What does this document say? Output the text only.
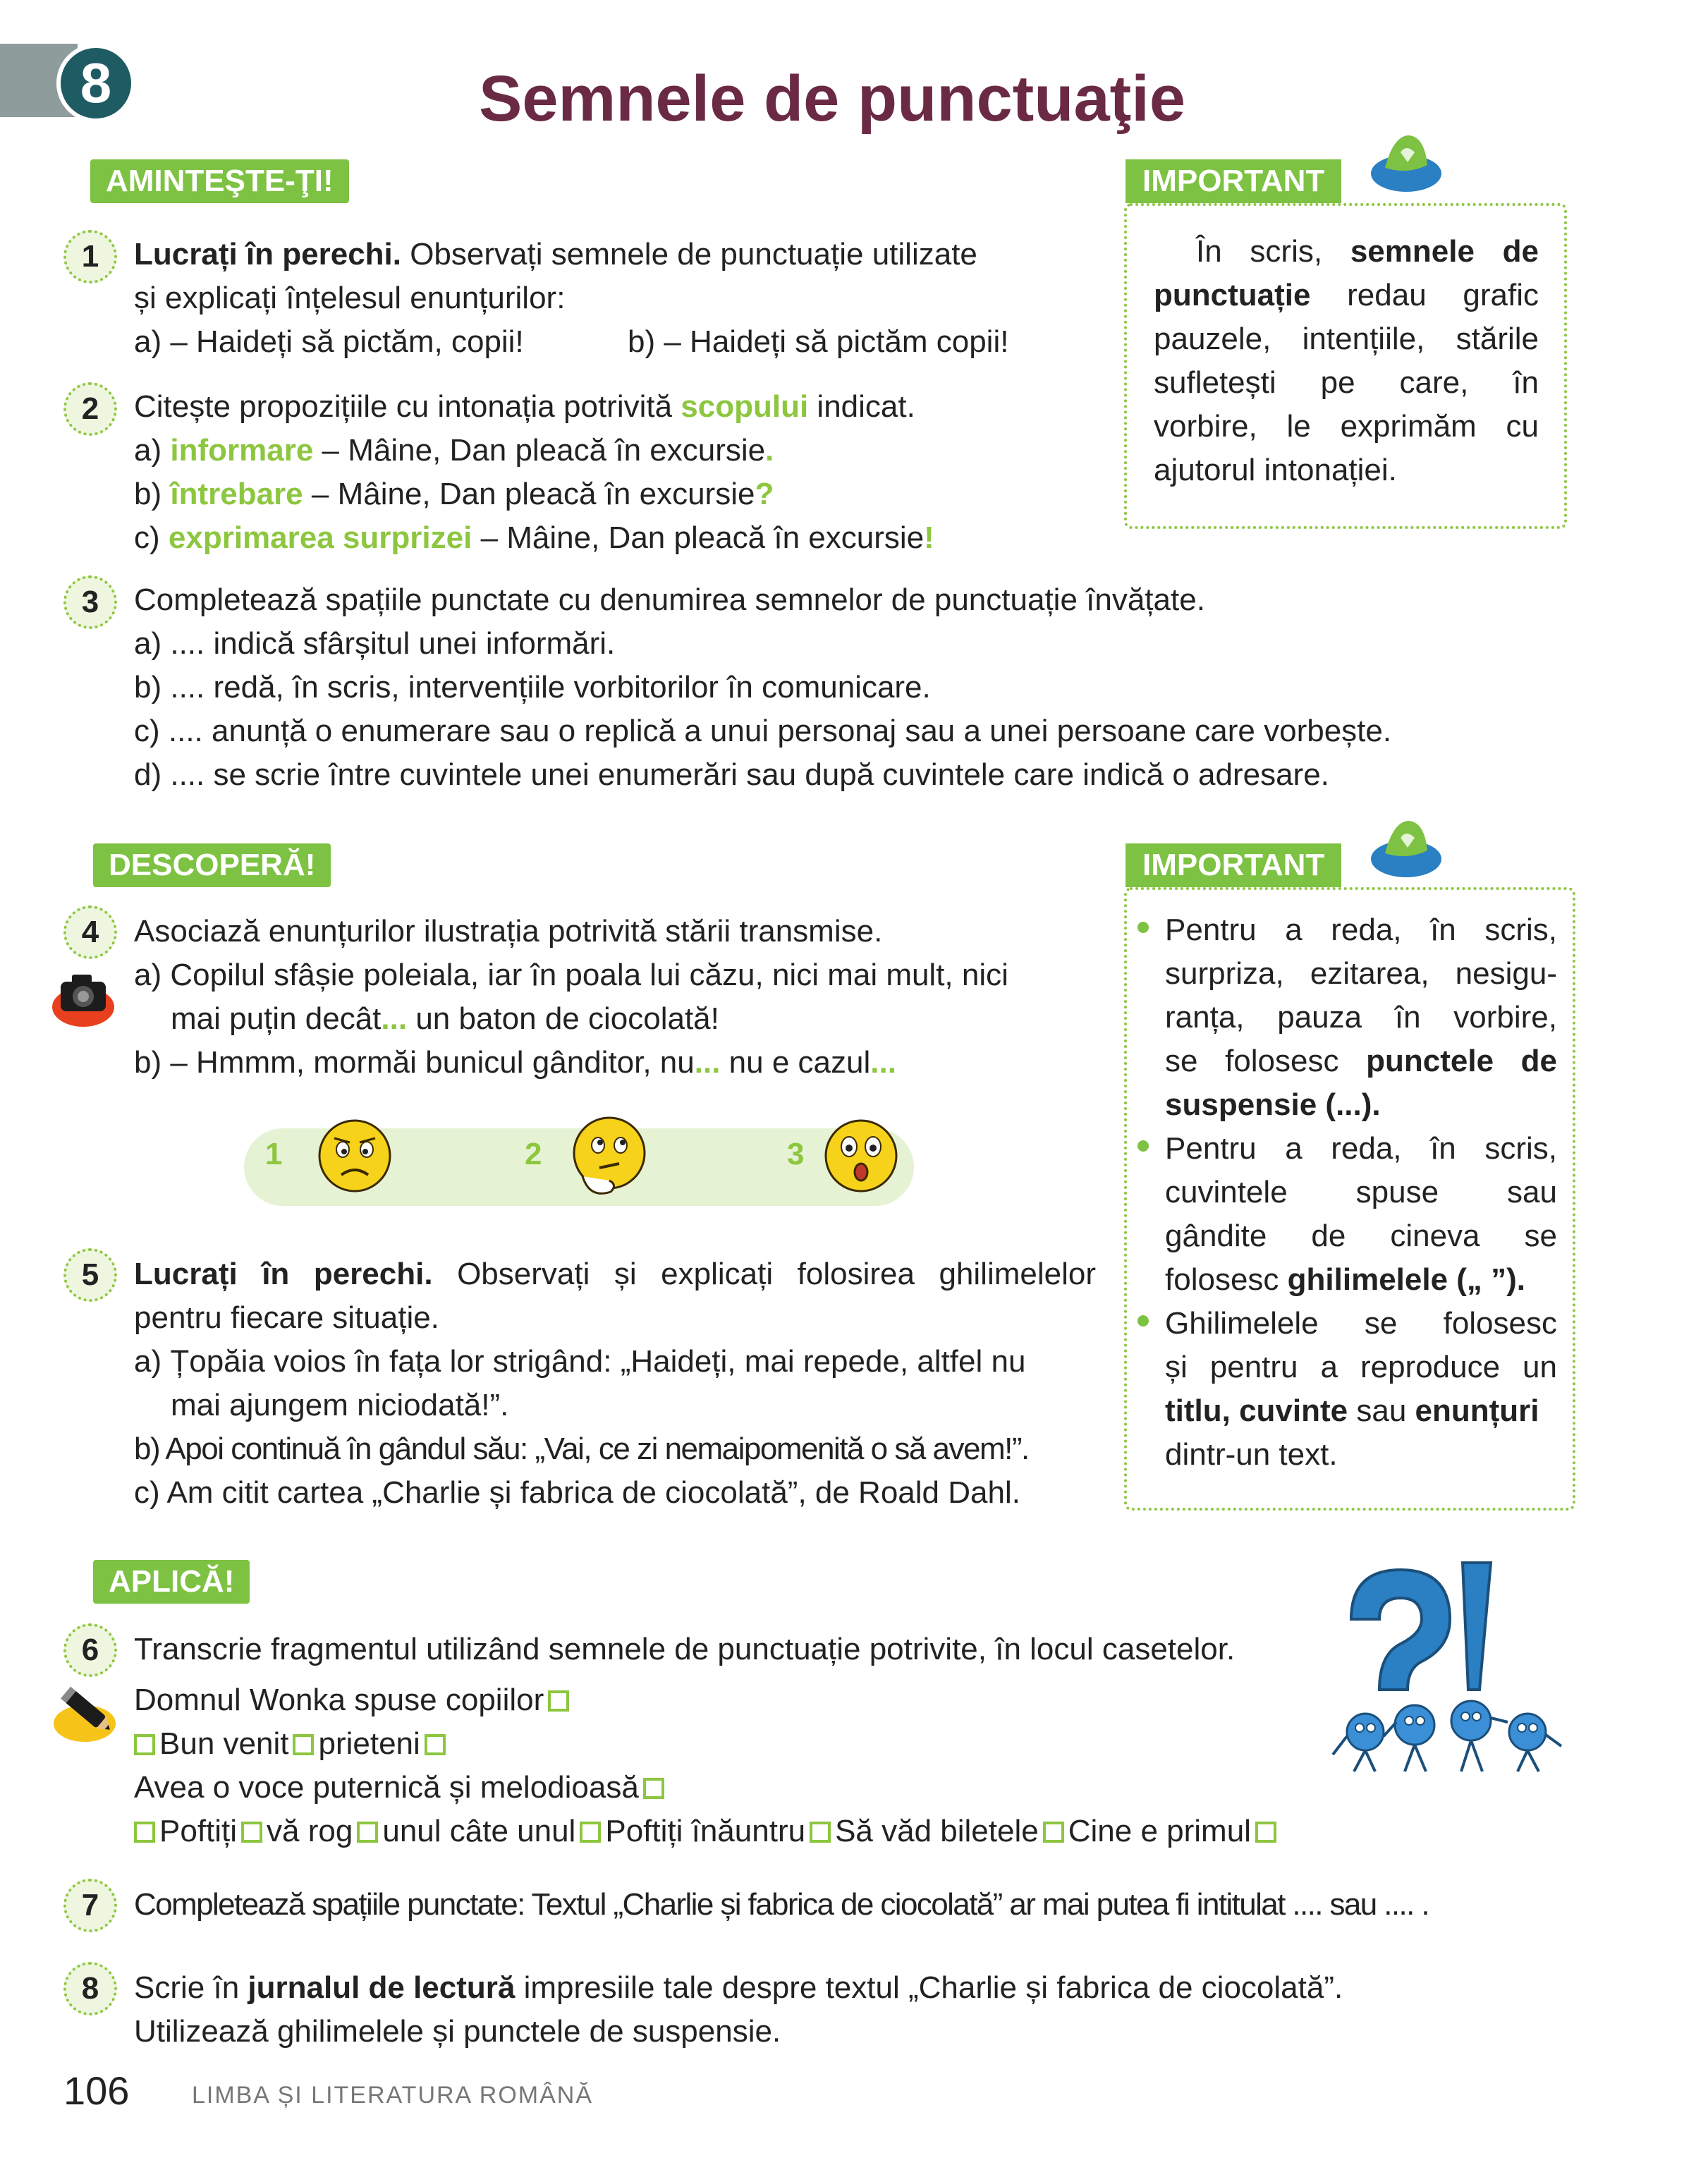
8	Semnele de punctuaţie
AMINTEŞTE-ŢI!
1	Lucrați în perechi. Observați semnele de punctuație utilizate
și explicați înțelesul enunțurilor:
a) – Haideți să pictăm, copii!	b) – Haideți să pictăm copii!
2	Citește propozițiile cu intonația potrivită scopului indicat.
a) informare – Mâine, Dan pleacă în excursie.
b) întrebare – Mâine, Dan pleacă în excursie?
c) exprimarea surprizei – Mâine, Dan pleacă în excursie!
IMPORTANT
În scris, semnele de
punctuație redau grafic
pauzele, intențiile, stările
sufletești pe care, în
vorbire, le exprimăm cu
ajutorul intonației.
3	Completează spațiile punctate cu denumirea semnelor de punctuație învățate.
a) .... indică sfârșitul unei informări.
b) .... redă, în scris, intervențiile vorbitorilor în comunicare.
c) .... anunță o enumerare sau o replică a unui personaj sau a unei persoane care vorbește.
d) .... se scrie între cuvintele unei enumerări sau după cuvintele care indică o adresare.
DESCOPERĂ!
4	Asociază enunțurilor ilustrația potrivită stării transmise.
a) Copilul sfâșie poleiala, iar în poala lui căzu, nici mai mult, nici
mai puțin decât... un baton de ciocolată!
b) – Hmmm, mormăi bunicul gânditor, nu... nu e cazul...
1	2	3
IMPORTANT
Pentru a reda, în scris,
surpriza, ezitarea, nesigu-
ranța, pauza în vorbire,
se folosesc punctele de
suspensie (...).
Pentru a reda, în scris,
cuvintele spuse sau
gândite de cineva se
folosesc ghilimelele („ ”).
Ghilimelele se folosesc
și pentru a reproduce un
titlu, cuvinte sau enunțuri
dintr-un text.
5	Lucrați în perechi. Observați și explicați folosirea ghilimelelor
pentru fiecare situație.
a) Țopăia voios în fața lor strigând: „Haideți, mai repede, altfel nu
mai ajungem niciodată!”.
b) Apoi continuă în gândul său: „Vai, ce zi nemaipomenită o să avem!”.
c) Am citit cartea „Charlie și fabrica de ciocolată”, de Roald Dahl.
APLICĂ!
6	Transcrie fragmentul utilizând semnele de punctuație potrivite, în locul casetelor.
Domnul Wonka spuse copiilor
Bun venit prieteni
Avea o voce puternică și melodioasă
Poftiți vă rog unul câte unul Poftiți înăuntru Să văd biletele Cine e primul
7	Completează spațiile punctate: Textul „Charlie și fabrica de ciocolată” ar mai putea fi intitulat .... sau .... .
8	Scrie în jurnalul de lectură impresiile tale despre textul „Charlie și fabrica de ciocolată”.
Utilizează ghilimelele și punctele de suspensie.
106	LIMBA ȘI LITERATURA ROMÂNĂ
